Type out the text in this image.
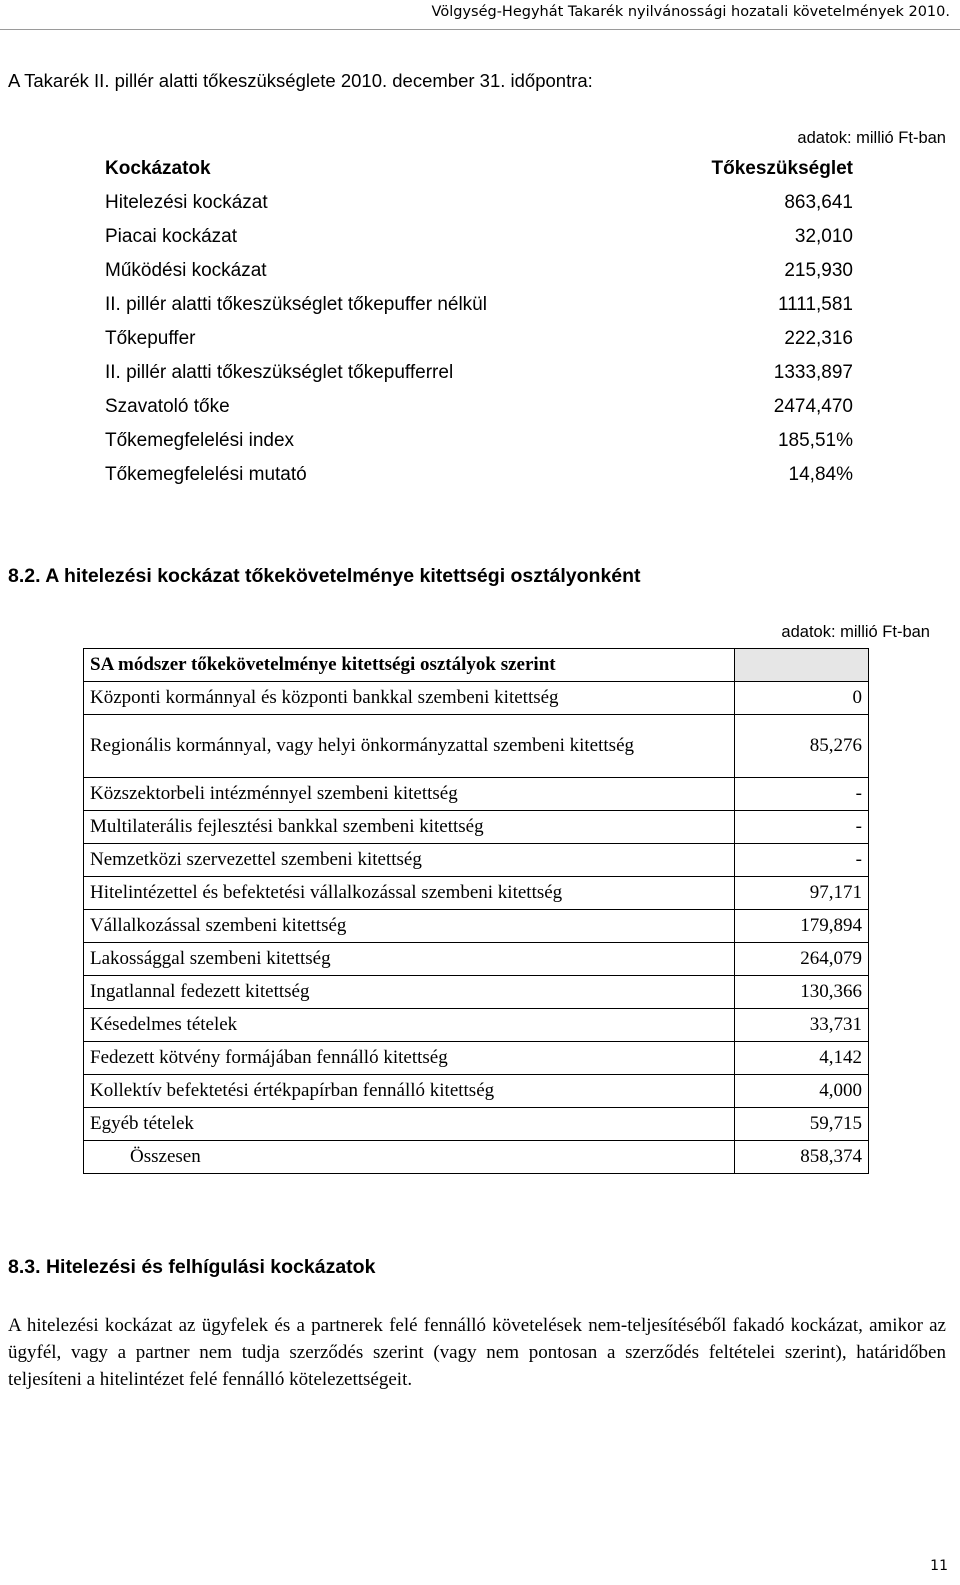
Völgység-Hegyhát Takarék nyilvánossági hozatali követelmények 2010.
A Takarék II. pillér alatti tőkeszükséglete 2010. december 31. időpontra:
adatok: millió Ft-ban
Kockázatok	Tőkeszükséglet
Hitelezési kockázat	863,641
Piacai kockázat	32,010
Működési kockázat	215,930
II. pillér alatti tőkeszükséglet tőkepuffer nélkül	1111,581
Tőkepuffer	222,316
II. pillér alatti tőkeszükséglet tőkepufferrel	1333,897
Szavatoló tőke	2474,470
Tőkemegfelelési index	185,51%
Tőkemegfelelési mutató	14,84%
8.2. A hitelezési kockázat tőkekövetelménye kitettségi osztályonként
adatok: millió Ft-ban
SA módszer tőkekövetelménye kitettségi osztályok szerint	
Központi kormánnyal és központi bankkal szembeni kitettség	0
Regionális kormánnyal, vagy helyi önkormányzattal szembeni kitettség	85,276
Közszektorbeli intézménnyel szembeni kitettség	-
Multilaterális fejlesztési bankkal szembeni kitettség	-
Nemzetközi szervezettel szembeni kitettség	-
Hitelintézettel és befektetési vállalkozással szembeni kitettség	97,171
Vállalkozással szembeni kitettség	179,894
Lakossággal szembeni kitettség	264,079
Ingatlannal fedezett kitettség	130,366
Késedelmes tételek	33,731
Fedezett kötvény formájában fennálló kitettség	4,142
Kollektív befektetési értékpapírban fennálló kitettség	4,000
Egyéb tételek	59,715
Összesen	858,374
8.3. Hitelezési és felhígulási kockázatok
A hitelezési kockázat az ügyfelek és a partnerek felé fennálló követelések nem-teljesítéséből fakadó kockázat, amikor az ügyfél, vagy a partner nem tudja szerződés szerint (vagy nem pontosan a szerződés feltételei szerint), határidőben teljesíteni a hitelintézet felé fennálló kötelezettségeit.
11
